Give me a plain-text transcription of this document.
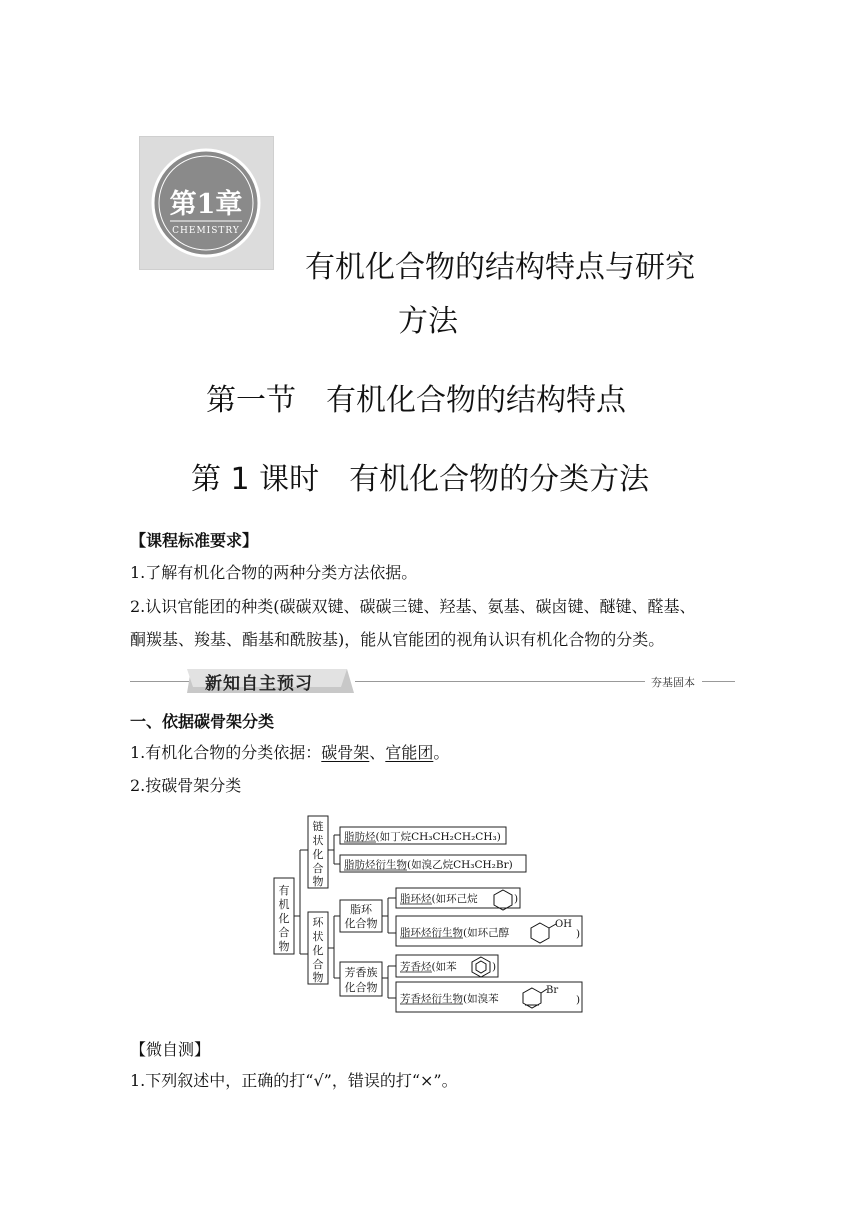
第1章
CHEMISTRY
有机化合物的结构特点与研究
方法
第一节 有机化合物的结构特点
第 1 课时 有机化合物的分类方法
【课程标准要求】
1.了解有机化合物的两种分类方法依据。
2.认识官能团的种类(碳碳双键、碳碳三键、羟基、氨基、碳卤键、醚键、醛基、
酮羰基、羧基、酯基和酰胺基)，能从官能团的视角认识有机化合物的分类。
新知自主预习	夯基固本
一、依据碳骨架分类
1.有机化合物的分类依据：碳骨架、官能团。
2.按碳骨架分类
有
机
化
合
物
链
状
化
合
物
环
状
化
合
物
脂环
化合物
芳香族
化合物
脂肪烃(如丁烷CH₃CH₂CH₂CH₃)
脂肪烃衍生物(如溴乙烷CH₃CH₂Br)
脂环烃(如环己烷	)
脂环烃衍生物(如环己醇	)
OH
芳香烃(如苯	)
芳香烃衍生物(如溴苯	)
Br
【微自测】
1.下列叙述中，正确的打“√”，错误的打“×”。
